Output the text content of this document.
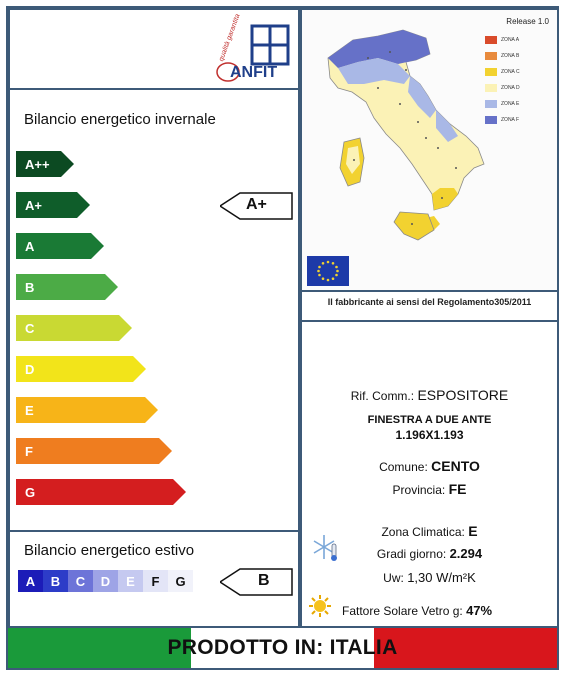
qualità garantita
ANFIT
Bilancio energetico invernale
A++
A+
A
B
C
D
E
F
G
A+
Bilancio energetico estivo
A	B	C	D	E	F	G	B
Release 1.0
ZONA A
ZONA B
ZONA C
ZONA D
ZONA E
ZONA F
Il fabbricante ai sensi del Regolamento305/2011
Rif. Comm.: ESPOSITORE
FINESTRA A DUE ANTE
1.196X1.193
Comune: CENTO
Provincia: FE
Zona Climatica: E
Gradi giorno: 2.294
Uw: 1,30 W/m²K
Fattore Solare Vetro g: 47%
PRODOTTO IN: ITALIA
